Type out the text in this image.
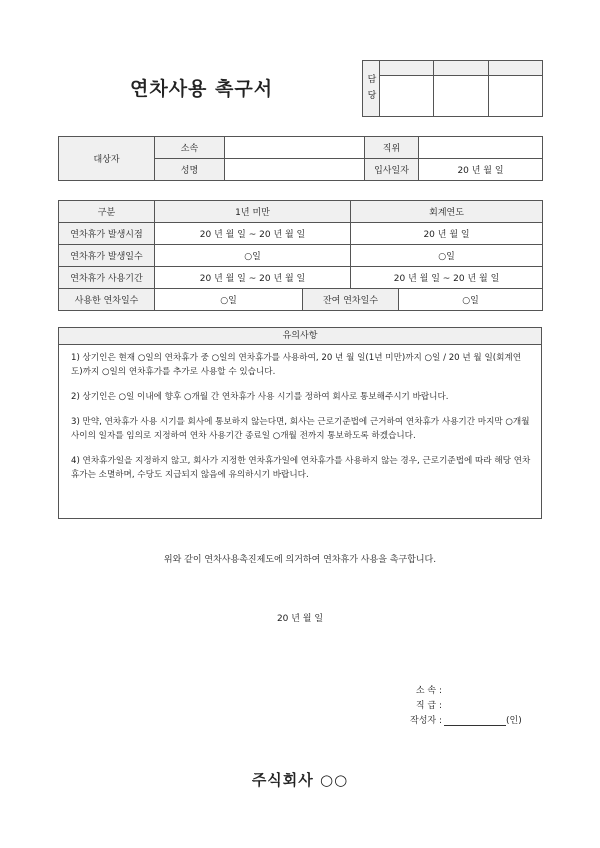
연차사용 촉구서	담 당			

대상자	소속		직위	
	성명		입사일자	20 년 월 일
구분	1년 미만		회계연도	
연차휴가 발생시점	20 년 월 일 ~ 20 년 월 일		20 년 월 일	
연차휴가 발생일수	○일		○일	
연차휴가 사용기간	20 년 월 일 ~ 20 년 월 일		20 년 월 일 ~ 20 년 월 일	
사용한 연차일수	○일	잔여 연차일수		○일
유의사항

1) 상기인은 현재 ○일의 연차휴가 중 ○일의 연차휴가를 사용하여, 20 년 월 일(1년 미만)까지 ○일 / 20 년 월 일(회계연도)까지 ○일의 연차휴가를 추가로 사용할 수 있습니다.

2) 상기인은 ○일 이내에 향후 ○개월 간 연차휴가 사용 시기를 정하여 회사로 통보해주시기 바랍니다.

3) 만약, 연차휴가 사용 시기를 회사에 통보하지 않는다면, 회사는 근로기준법에 근거하여 연차휴가 사용기간 마지막 ○개월 사이의 일자를 임의로 지정하여 연차 사용기간 종료일 ○개월 전까지 통보하도록 하겠습니다.

4) 연차휴가일을 지정하지 않고, 회사가 지정한 연차휴가일에 연차휴가를 사용하지 않는 경우, 근로기준법에 따라 해당 연차휴가는 소멸하며, 수당도 지급되지 않음에 유의하시기 바랍니다.

위와 같이 연차사용촉진제도에 의거하여 연차휴가 사용을 촉구합니다.
20 년 월 일
소 속 :
직 급 :
작성자 :	(인)
주식회사 ○○
